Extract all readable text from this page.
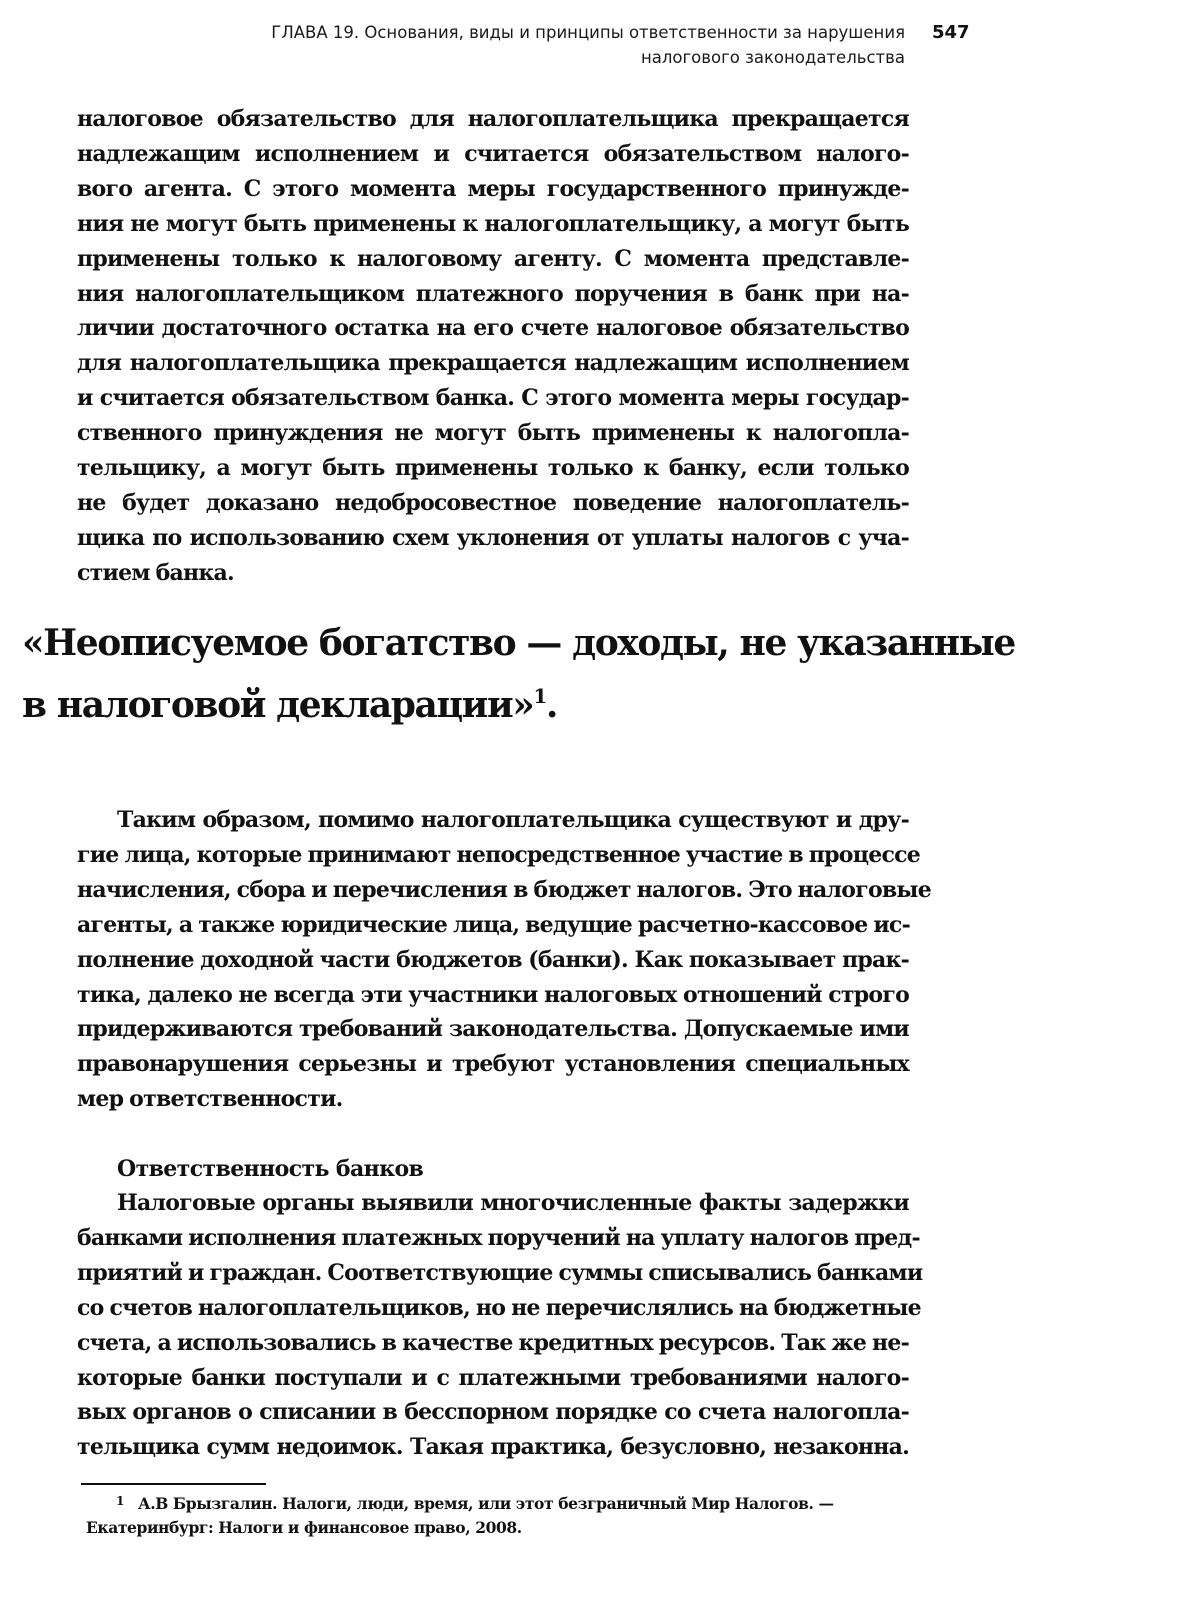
ГЛАВА 19. Основания, виды и принципы ответственности за нарушения
налогового законодательства
547

налоговое обязательство для налогоплательщика прекращается
надлежащим исполнением и считается обязательством налого-
вого агента. С этого момента меры государственного принужде-
ния не могут быть применены к налогоплательщику, а могут быть
применены только к налоговому агенту. С момента представле-
ния налогоплательщиком платежного поручения в банк при на-
личии достаточного остатка на его счете налоговое обязательство
для налогоплательщика прекращается надлежащим исполнением
и считается обязательством банка. С этого момента меры государ-
ственного принуждения не могут быть применены к налогопла-
тельщику, а могут быть применены только к банку, если только
не будет доказано недобросовестное поведение налогоплатель-
щика по использованию схем уклонения от уплаты налогов с уча-
стием банка.

«Неописуемое богатство — доходы, не указанные
в налоговой декларации»$^1$.

Таким образом, помимо налогоплательщика существуют и дру-
гие лица, которые принимают непосредственное участие в процессе
начисления, сбора и перечисления в бюджет налогов. Это налоговые
агенты, а также юридические лица, ведущие расчетно-кассовое ис-
полнение доходной части бюджетов (банки). Как показывает прак-
тика, далеко не всегда эти участники налоговых отношений строго
придерживаются требований законодательства. Допускаемые ими
правонарушения серьезны и требуют установления специальных
мер ответственности.

Ответственность банков

Налоговые органы выявили многочисленные факты задержки
банками исполнения платежных поручений на уплату налогов пред-
приятий и граждан. Соответствующие суммы списывались банками
со счетов налогоплательщиков, но не перечислялись на бюджетные
счета, а использовались в качестве кредитных ресурсов. Так же не-
которые банки поступали и с платежными требованиями налого-
вых органов о списании в бесспорном порядке со счета налогопла-
тельщика сумм недоимок. Такая практика, безусловно, незаконна.

1 А.В Брызгалин. Налоги, люди, время, или этот безграничный Мир Налогов. —
Екатеринбург: Налоги и финансовое право, 2008.
